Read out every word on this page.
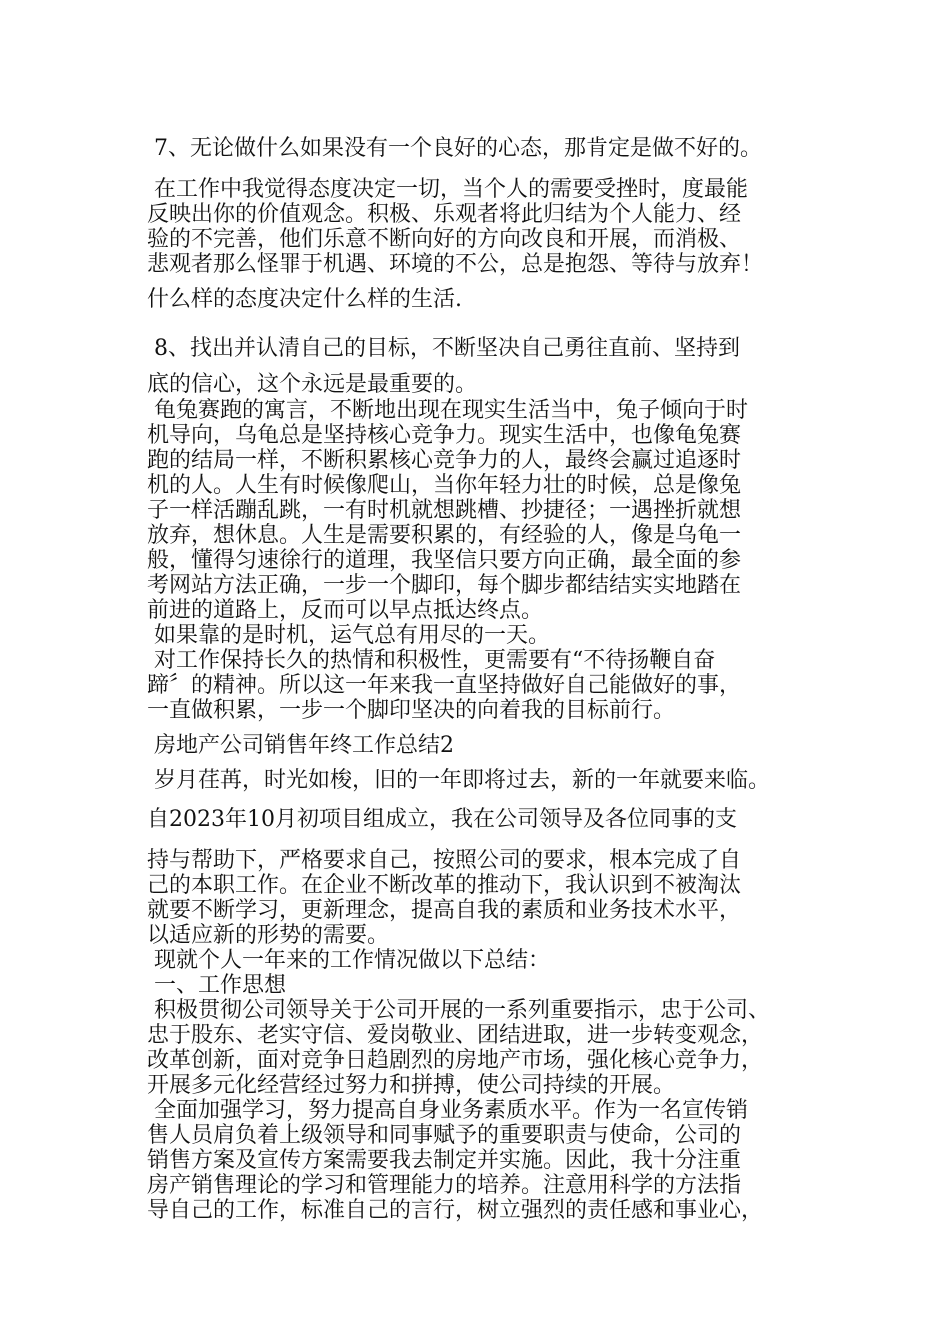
7、无论做什么如果没有一个良好的心态，那肯定是做不好的。

在工作中我觉得态度决定一切，当个人的需要受挫时，度最能

反映出你的价值观念。积极、乐观者将此归结为个人能力、经

验的不完善，他们乐意不断向好的方向改良和开展，而消极、

悲观者那么怪罪于机遇、环境的不公，总是抱怨、等待与放弃！

什么样的态度决定什么样的生活.

8、找出并认清自己的目标，不断坚决自己勇往直前、坚持到

底的信心，这个永远是最重要的。

龟兔赛跑的寓言，不断地出现在现实生活当中，兔子倾向于时

机导向，乌龟总是坚持核心竞争力。现实生活中，也像龟兔赛

跑的结局一样，不断积累核心竞争力的人，最终会赢过追逐时

机的人。人生有时候像爬山，当你年轻力壮的时候，总是像兔

子一样活蹦乱跳，一有时机就想跳槽、抄捷径；一遇挫折就想

放弃，想休息。人生是需要积累的，有经验的人，像是乌龟一

般，懂得匀速徐行的道理，我坚信只要方向正确，最全面的参

考网站方法正确，一步一个脚印，每个脚步都结结实实地踏在

前进的道路上，反而可以早点抵达终点。

如果靠的是时机，运气总有用尽的一天。

对工作保持长久的热情和积极性，更需要有“不待扬鞭自奋

蹄〞的精神。所以这一年来我一直坚持做好自己能做好的事，

一直做积累，一步一个脚印坚决的向着我的目标前行。

房地产公司销售年终工作总结2

岁月荏苒，时光如梭，旧的一年即将过去，新的一年就要来临。

自2023年10月初项目组成立，我在公司领导及各位同事的支

持与帮助下，严格要求自己，按照公司的要求，根本完成了自

己的本职工作。在企业不断改革的推动下，我认识到不被淘汰

就要不断学习，更新理念，提高自我的素质和业务技术水平，

以适应新的形势的需要。

现就个人一年来的工作情况做以下总结：

一、工作思想

积极贯彻公司领导关于公司开展的一系列重要指示，忠于公司、

忠于股东、老实守信、爱岗敬业、团结进取，进一步转变观念，

改革创新，面对竞争日趋剧烈的房地产市场，强化核心竞争力，

开展多元化经营经过努力和拼搏，使公司持续的开展。

全面加强学习，努力提高自身业务素质水平。作为一名宣传销

售人员肩负着上级领导和同事赋予的重要职责与使命，公司的

销售方案及宣传方案需要我去制定并实施。因此，我十分注重

房产销售理论的学习和管理能力的培养。注意用科学的方法指

导自己的工作，标准自己的言行，树立强烈的责任感和事业心，
